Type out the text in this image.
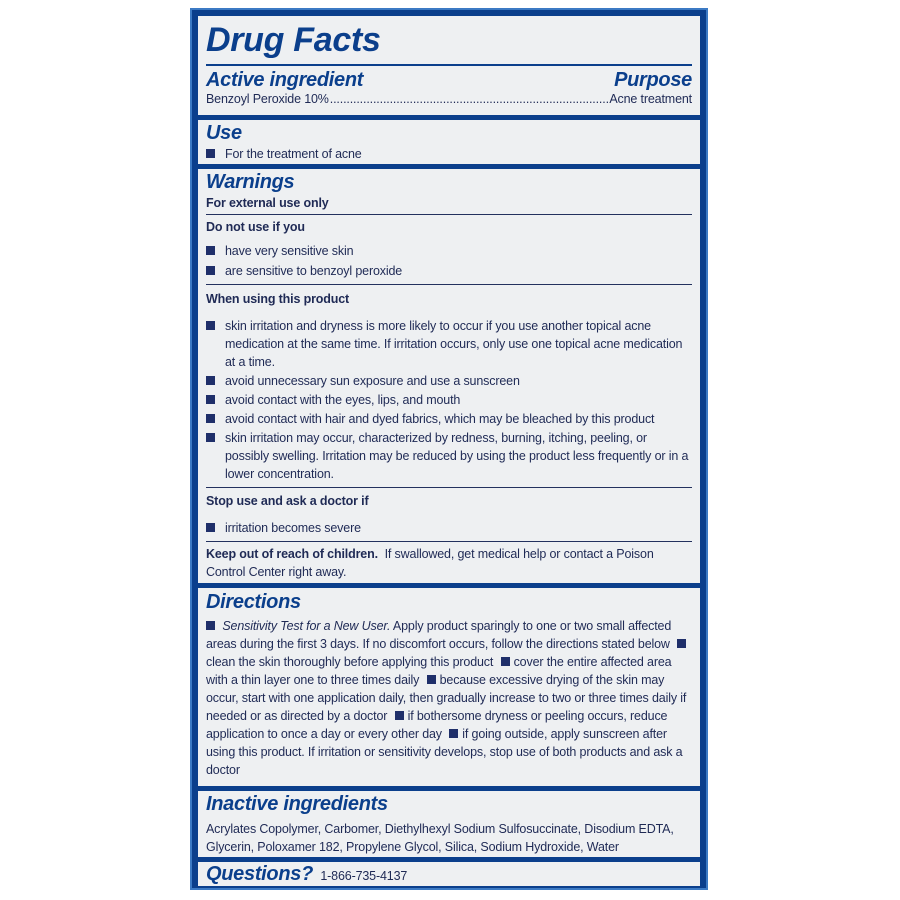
Drug Facts
Active ingredient	Purpose
Benzoyl Peroxide 10%
.....	Acne treatment
Use
For the treatment of acne
Warnings
For external use only
Do not use if you
have very sensitive skin
are sensitive to benzoyl peroxide
When using this product
skin irritation and dryness is more likely to occur if you use another topical acne medication at the same time. If irritation occurs, only use one topical acne medication at a time.
avoid unnecessary sun exposure and use a sunscreen
avoid contact with the eyes, lips, and mouth
avoid contact with hair and dyed fabrics, which may be bleached by this product
skin irritation may occur, characterized by redness, burning, itching, peeling, or possibly swelling. Irritation may be reduced by using the product less frequently or in a lower concentration.
Stop use and ask a doctor if
irritation becomes severe
Keep out of reach of children. If swallowed, get medical help or contact a Poison Control Center right away.
Directions
Sensitivity Test for a New User. Apply product sparingly to one or two small affected areas during the first 3 days. If no discomfort occurs, follow the directions stated below clean the skin thoroughly before applying this product cover the entire affected area with a thin layer one to three times daily because excessive drying of the skin may occur, start with one application daily, then gradually increase to two or three times daily if needed or as directed by a doctor if bothersome dryness or peeling occurs, reduce application to once a day or every other day if going outside, apply sunscreen after using this product. If irritation or sensitivity develops, stop use of both products and ask a doctor
Inactive ingredients
Acrylates Copolymer, Carbomer, Diethylhexyl Sodium Sulfosuccinate, Disodium EDTA, Glycerin, Poloxamer 182, Propylene Glycol, Silica, Sodium Hydroxide, Water
Questions? 1-866-735-4137
